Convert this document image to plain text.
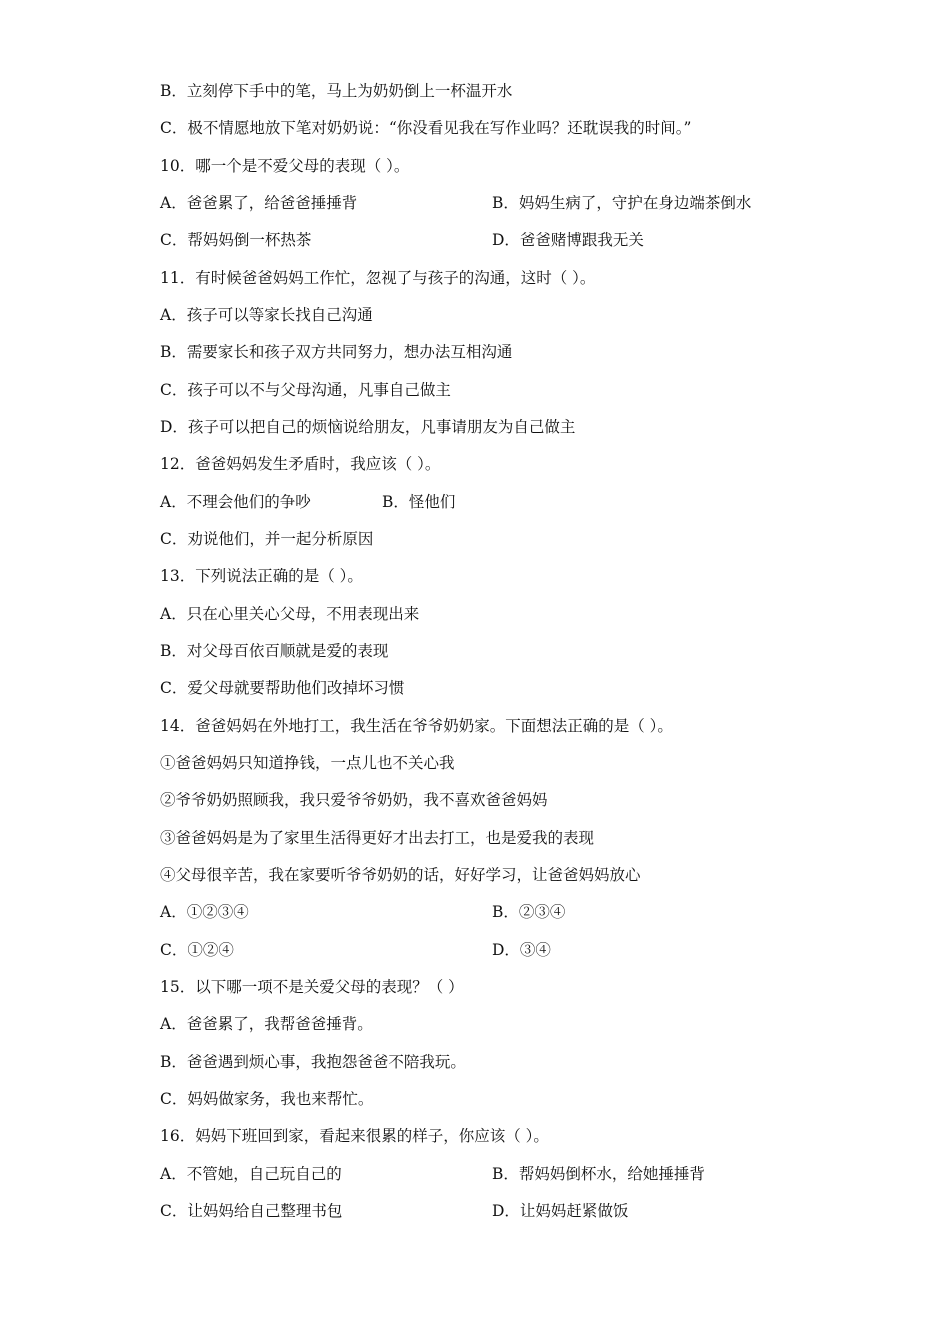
B．立刻停下手中的笔，马上为奶奶倒上一杯温开水
C．极不情愿地放下笔对奶奶说：“你没看见我在写作业吗？还耽误我的时间。”
10．哪一个是不爱父母的表现（ ）。
A．爸爸累了，给爸爸捶捶背	B．妈妈生病了，守护在身边端茶倒水
C．帮妈妈倒一杯热茶	D．爸爸赌博跟我无关
11．有时候爸爸妈妈工作忙，忽视了与孩子的沟通，这时（ ）。
A．孩子可以等家长找自己沟通
B．需要家长和孩子双方共同努力，想办法互相沟通
C．孩子可以不与父母沟通，凡事自己做主
D．孩子可以把自己的烦恼说给朋友，凡事请朋友为自己做主
12．爸爸妈妈发生矛盾时，我应该（ ）。
A．不理会他们的争吵	B．怪他们
C．劝说他们，并一起分析原因
13．下列说法正确的是（ ）。
A．只在心里关心父母，不用表现出来
B．对父母百依百顺就是爱的表现
C．爱父母就要帮助他们改掉坏习惯
14．爸爸妈妈在外地打工，我生活在爷爷奶奶家。下面想法正确的是（ ）。
①爸爸妈妈只知道挣钱，一点儿也不关心我
②爷爷奶奶照顾我，我只爱爷爷奶奶，我不喜欢爸爸妈妈
③爸爸妈妈是为了家里生活得更好才出去打工，也是爱我的表现
④父母很辛苦，我在家要听爷爷奶奶的话，好好学习，让爸爸妈妈放心
A．①②③④	B．②③④
C．①②④	D．③④
15．以下哪一项不是关爱父母的表现？（ ）
A．爸爸累了，我帮爸爸捶背。
B．爸爸遇到烦心事，我抱怨爸爸不陪我玩。
C．妈妈做家务，我也来帮忙。
16．妈妈下班回到家，看起来很累的样子，你应该（ ）。
A．不管她，自己玩自己的	B．帮妈妈倒杯水，给她捶捶背
C．让妈妈给自己整理书包	D．让妈妈赶紧做饭
